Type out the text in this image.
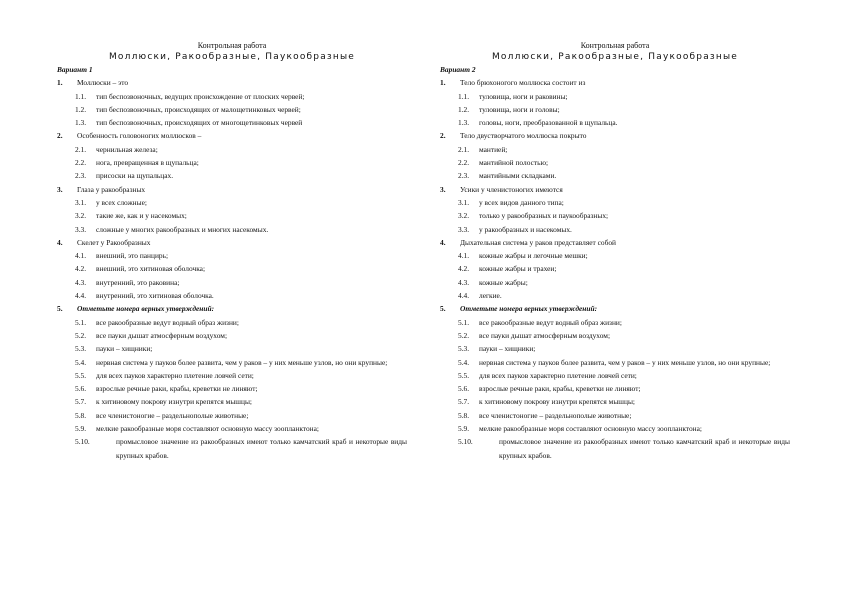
Контрольная работа
Моллюски, Ракообразные, Паукообразные
Вариант 1
1.	Моллюски – это
1.1.	тип беспозвоночных, ведущих происхождение от плоских червей;
1.2.	тип беспозвоночных, происходящих от малощетинковых червей;
1.3.	тип беспозвоночных, происходящих от многощетинковых червей
2.	Особенность головоногих моллюсков –
2.1.	чернильная железа;
2.2.	нога, превращенная в щупальца;
2.3.	присоски на щупальцах.
3.	Глаза у ракообразных
3.1.	у всех сложные;
3.2.	такие же, как и у насекомых;
3.3.	сложные у многих ракообразных и многих насекомых.
4.	Скелет у Ракообразных
4.1.	внешний, это панцирь;
4.2.	внешний, это хитиновая оболочка;
4.3.	внутренний, это раковина;
4.4.	внутренний, это хитиновая оболочка.
5.	Отметьте номера верных утверждений:
5.1.	все ракообразные ведут водный образ жизни;
5.2.	все пауки дышат атмосферным воздухом;
5.3.	пауки – хищники;
5.4.	нервная система у пауков более развита, чем у раков – у них меньше узлов, но они крупные;
5.5.	для всех пауков характерно плетение ловчей сети;
5.6.	взрослые речные раки, крабы, креветки не линяют;
5.7.	к хитиновому покрову изнутри крепятся мышцы;
5.8.	все членистоногие – раздельнополые животные;
5.9.	мелкие ракообразные моря составляют основную массу зоопланктона;
5.10.	промысловое значение из ракообразных имеют только камчатский краб и некоторые виды крупных крабов.
Контрольная работа
Моллюски, Ракообразные, Паукообразные
Вариант 2
1.	Тело брюхоногого моллюска состоит из
1.1.	туловища, ноги и раковины;
1.2.	туловища, ноги и головы;
1.3.	головы, ноги, преобразованной в щупальца.
2.	Тело двустворчатого моллюска покрыто
2.1.	мантией;
2.2.	мантийной полостью;
2.3.	мантийными складками.
3.	Усики у членистоногих имеются
3.1.	у всех видов данного типа;
3.2.	только у ракообразных и паукообразных;
3.3.	у ракообразных и насекомых.
4.	Дыхательная система у раков представляет собой
4.1.	кожные жабры и легочные мешки;
4.2.	кожные жабры и трахеи;
4.3.	кожные жабры;
4.4.	легкие.
5.	Отметьте номера верных утверждений:
5.1.	все ракообразные ведут водный образ жизни;
5.2.	все пауки дышат атмосферным воздухом;
5.3.	пауки – хищники;
5.4.	нервная система у пауков более развита, чем у раков – у них меньше узлов, но они крупные;
5.5.	для всех пауков характерно плетение ловчей сети;
5.6.	взрослые речные раки, крабы, креветки не линяют;
5.7.	к хитиновому покрову изнутри крепятся мышцы;
5.8.	все членистоногие – раздельнополые животные;
5.9.	мелкие ракообразные моря составляют основную массу зоопланктона;
5.10.	промысловое значение из ракообразных имеют только камчатский краб и некоторые виды крупных крабов.
